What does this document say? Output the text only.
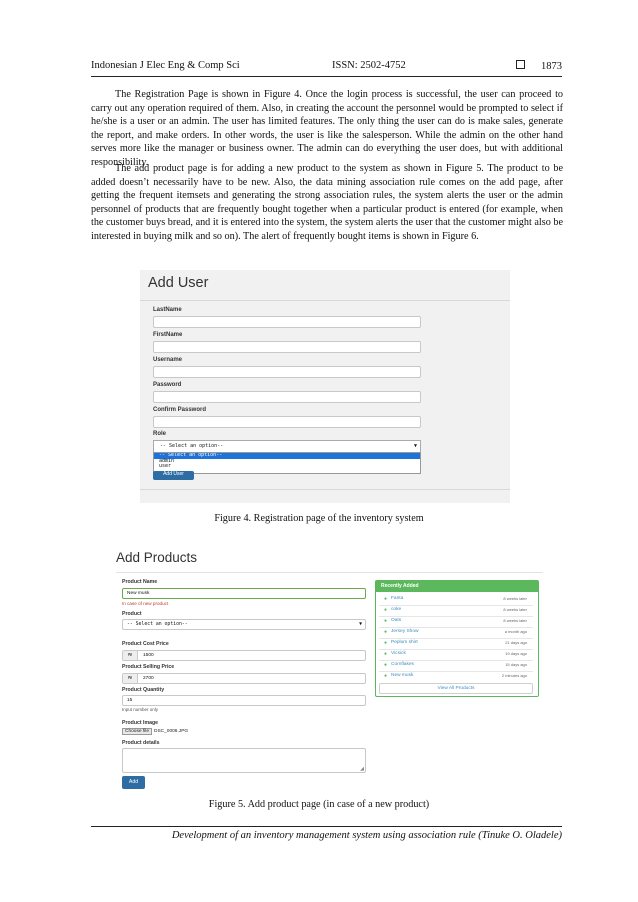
Indonesian J Elec Eng & Comp Sci	ISSN: 2502-4752	1873

The Registration Page is shown in Figure 4. Once the login process is successful, the user can proceed to carry out any operation required of them. Also, in creating the account the personnel would be prompted to select if he/she is a user or an admin. The user has limited features. The only thing the user can do is make sales, generate the report, and make orders. In other words, the user is like the salesperson. While the admin on the other hand serves more like the manager or business owner. The admin can do everything the user does, but with additional responsibility.

The add product page is for adding a new product to the system as shown in Figure 5. The product to be added doesn’t necessarily have to be new. Also, the data mining association rule comes on the add page, after getting the frequent itemsets and generating the strong association rules, the system alerts the user or the admin personnel of products that are frequently bought together when a particular product is entered (for example, when the customer buys bread, and it is entered into the system, the system alerts the user that the customer might also be interested in buying milk and so on). The alert of frequently bought items is shown in Figure 6.

Add User
LastName
FirstName
Username
Password
Confirm Password
Role
-- Select an option--	▼
-- Select an option--
admin
user
Add User
Figure 4. Registration page of the inventory system
Add Products
Product Name
New musk
In case of new product
Product
-- Select an option--	▼
Product Cost Price
₦	1500
Product Selling Price
₦	2700
Product Quantity
15
Input number only
Product Image
Choose file DSC_0006.JPG
Product details
◢
Add
Recently Added
● Fanta	8 weeks later
● coke	8 weeks later
● Oats	8 weeks later
● Jersey Show	a month ago
● Peplum shirt	21 days ago
● Vicsick	19 days ago
● Cornflakes	15 days ago
● New musk	2 minutes ago
View All Products
Figure 5. Add product page (in case of a new product)
Development of an inventory management system using association rule (Tinuke O. Oladele)
